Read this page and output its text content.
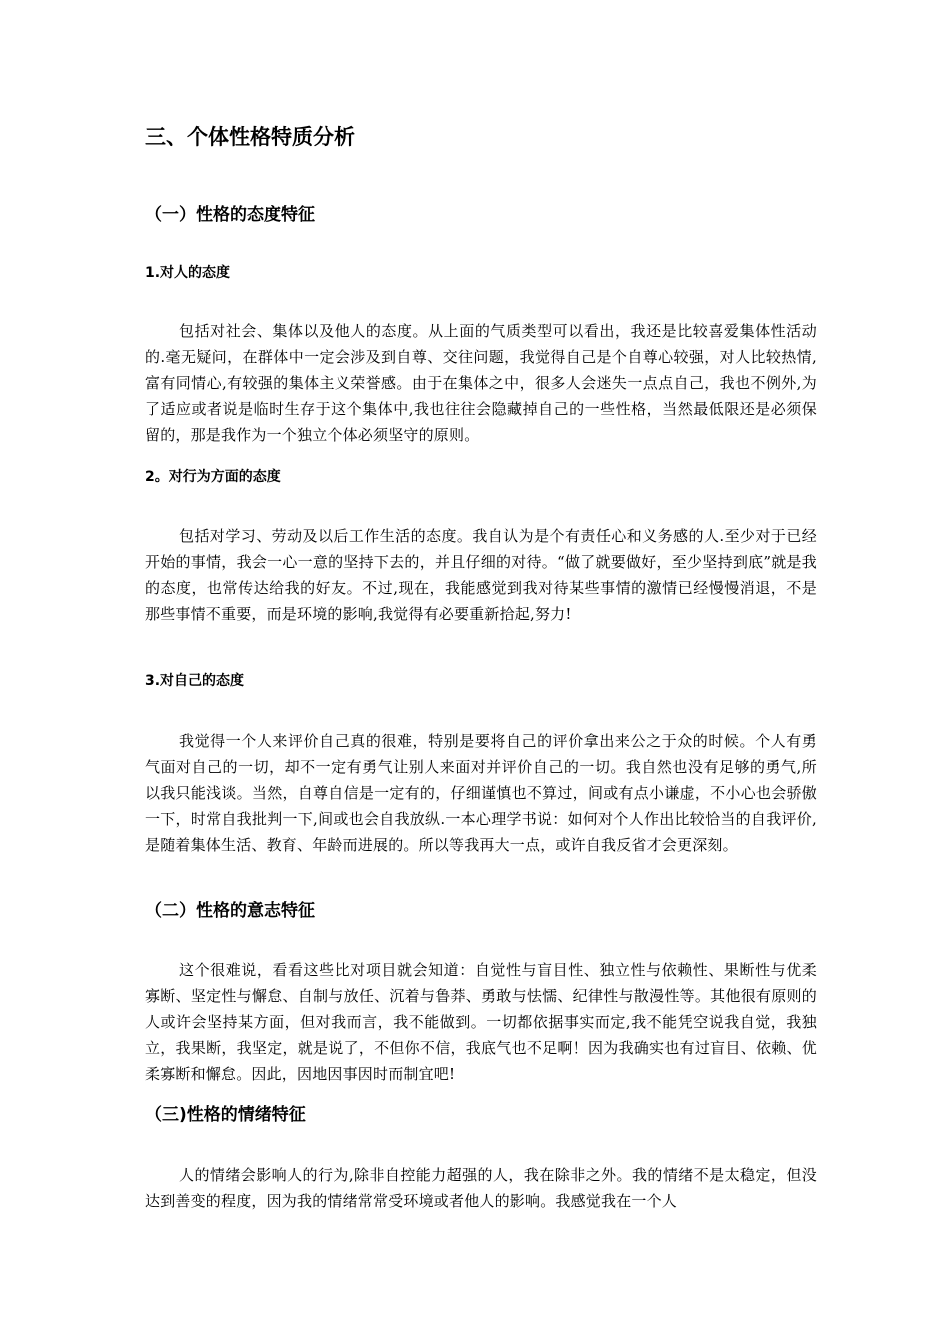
三、个体性格特质分析
（一）性格的态度特征
1.对人的态度

包括对社会、集体以及他人的态度。从上面的气质类型可以看出，我还是比较喜爱集体性活动的.毫无疑问，在群体中一定会涉及到自尊、交往问题，我觉得自己是个自尊心较强，对人比较热情,富有同情心,有较强的集体主义荣誉感。由于在集体之中，很多人会迷失一点点自己，我也不例外,为了适应或者说是临时生存于这个集体中,我也往往会隐藏掉自己的一些性格，当然最低限还是必须保留的，那是我作为一个独立个体必须坚守的原则。

2。对行为方面的态度

包括对学习、劳动及以后工作生活的态度。我自认为是个有责任心和义务感的人.至少对于已经开始的事情，我会一心一意的坚持下去的，并且仔细的对待。“做了就要做好，至少坚持到底”就是我的态度，也常传达给我的好友。不过,现在，我能感觉到我对待某些事情的激情已经慢慢消退，不是那些事情不重要，而是环境的影响,我觉得有必要重新拾起,努力!

3.对自己的态度

我觉得一个人来评价自己真的很难，特别是要将自己的评价拿出来公之于众的时候。个人有勇气面对自己的一切，却不一定有勇气让别人来面对并评价自己的一切。我自然也没有足够的勇气,所以我只能浅谈。当然，自尊自信是一定有的，仔细谨慎也不算过，间或有点小谦虚，不小心也会骄傲一下，时常自我批判一下,间或也会自我放纵.一本心理学书说：如何对个人作出比较恰当的自我评价,是随着集体生活、教育、年龄而进展的。所以等我再大一点，或许自我反省才会更深刻。

（二）性格的意志特征

这个很难说，看看这些比对项目就会知道：自觉性与盲目性、独立性与依赖性、果断性与优柔寡断、坚定性与懈怠、自制与放任、沉着与鲁莽、勇敢与怯懦、纪律性与散漫性等。其他很有原则的人或许会坚持某方面，但对我而言，我不能做到。一切都依据事实而定,我不能凭空说我自觉，我独立，我果断，我坚定，就是说了，不但你不信，我底气也不足啊！因为我确实也有过盲目、依赖、优柔寡断和懈怠。因此，因地因事因时而制宜吧!

（三)性格的情绪特征

人的情绪会影响人的行为,除非自控能力超强的人，我在除非之外。我的情绪不是太稳定，但没达到善变的程度，因为我的情绪常常受环境或者他人的影响。我感觉我在一个人
